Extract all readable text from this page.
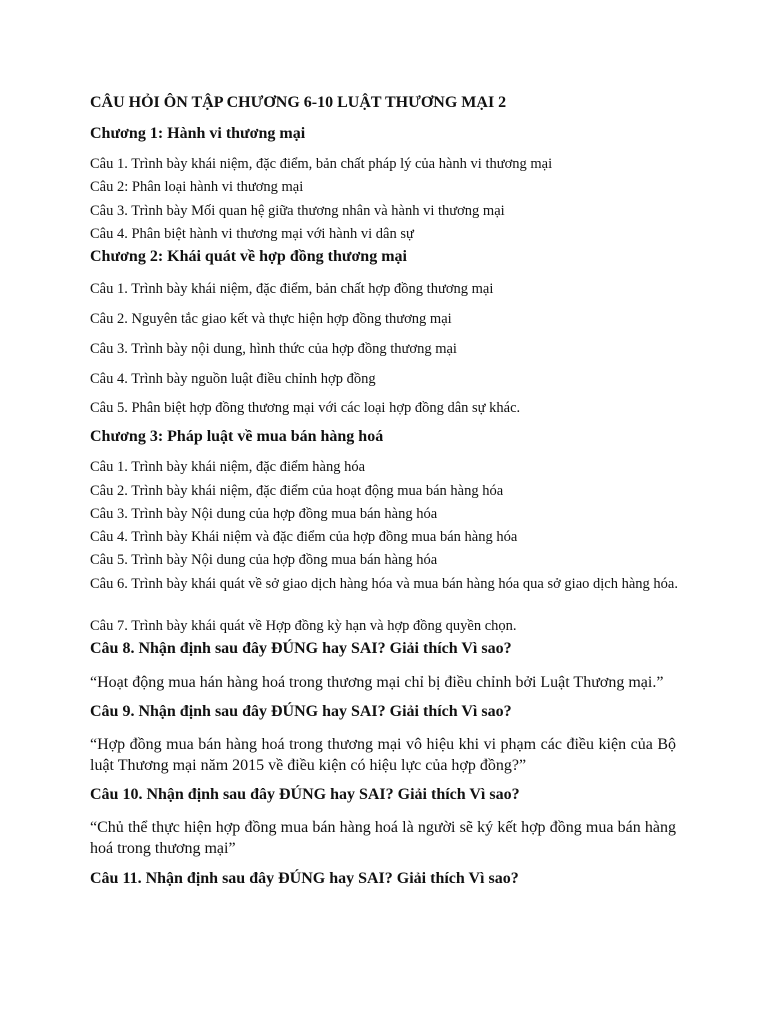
CÂU HỎI ÔN TẬP CHƯƠNG 6-10 LUẬT THƯƠNG MẠI 2

Chương 1: Hành vi thương mại

Câu 1. Trình bày khái niệm, đặc điểm, bản chất pháp lý của hành vi thương mại

Câu 2: Phân loại hành vi thương mại

Câu 3. Trình bày Mối quan hệ giữa thương nhân và hành vi thương mại

Câu 4. Phân biệt hành vi thương mại với hành vi dân sự

Chương 2: Khái quát về hợp đồng thương mại

Câu 1. Trình bày khái niệm, đặc điểm, bản chất hợp đồng thương mại

Câu 2. Nguyên tắc giao kết và thực hiện hợp đồng thương mại

Câu 3. Trình bày nội dung, hình thức của hợp đồng thương mại

Câu 4. Trình bày nguồn luật điều chỉnh hợp đồng

Câu 5. Phân biệt hợp đồng thương mại với các loại hợp đồng dân sự khác.

Chương 3: Pháp luật về mua bán hàng hoá

Câu 1. Trình bày khái niệm, đặc điểm hàng hóa

Câu 2. Trình bày khái niệm, đặc điểm của hoạt động mua bán hàng hóa

Câu 3. Trình bày Nội dung của hợp đồng mua bán hàng hóa

Câu 4. Trình bày Khái niệm và đặc điểm của hợp đồng mua bán hàng hóa

Câu 5. Trình bày Nội dung của hợp đồng mua bán hàng hóa

Câu 6. Trình bày khái quát về sở giao dịch hàng hóa và mua bán hàng hóa qua sở giao dịch hàng hóa.

Câu 7. Trình bày khái quát về Hợp đồng kỳ hạn và hợp đồng quyền chọn.

Câu 8. Nhận định sau đây ĐÚNG hay SAI? Giải thích Vì sao?

“Hoạt động mua hán hàng hoá trong thương mại chỉ bị điều chỉnh bởi Luật Thương mại.”

Câu 9. Nhận định sau đây ĐÚNG hay SAI? Giải thích Vì sao?

“Hợp đồng mua bán hàng hoá trong thương mại vô hiệu khi vi phạm các điều kiện của Bộ luật Thương mại năm 2015 về điều kiện có hiệu lực của hợp đồng?”

Câu 10. Nhận định sau đây ĐÚNG hay SAI? Giải thích Vì sao?

“Chủ thể thực hiện hợp đồng mua bán hàng hoá là người sẽ ký kết hợp đồng mua bán hàng hoá trong thương mại”

Câu 11. Nhận định sau đây ĐÚNG hay SAI? Giải thích Vì sao?
